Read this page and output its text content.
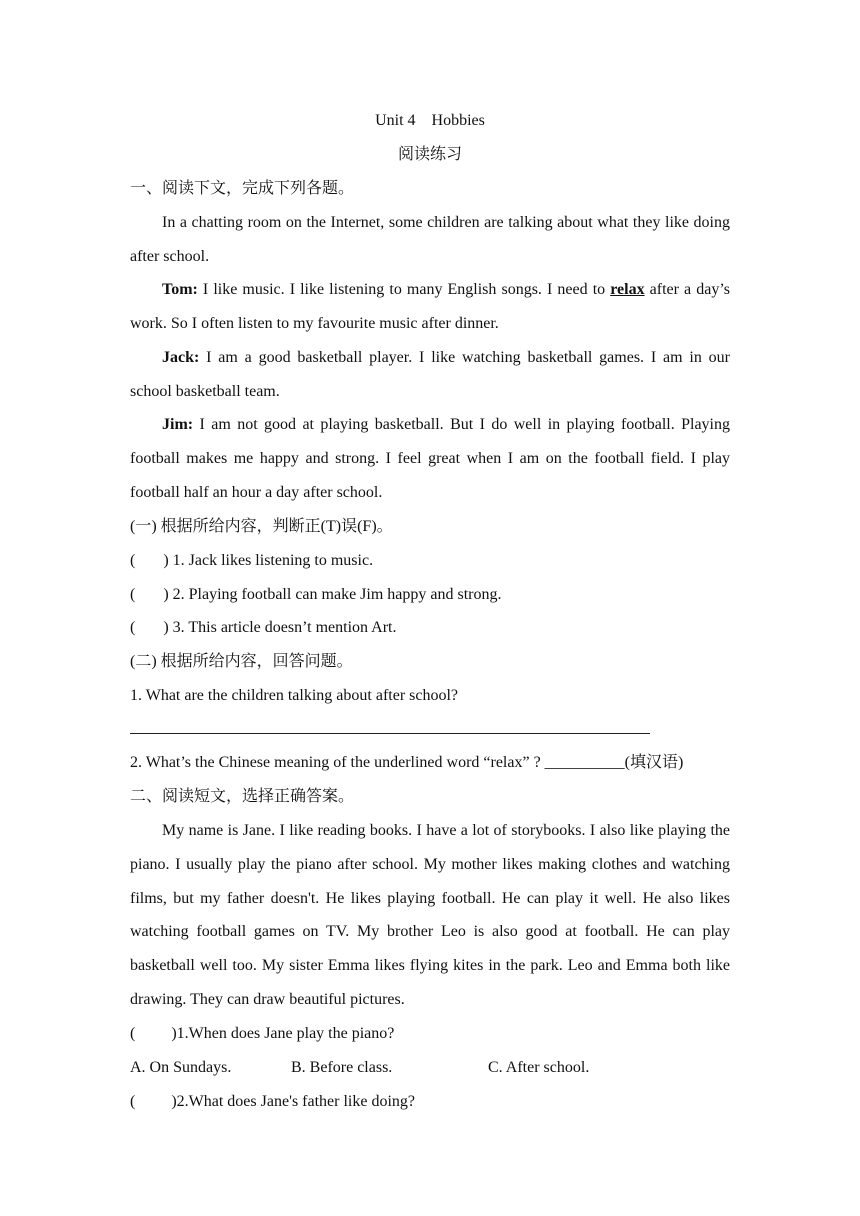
Unit 4　Hobbies
阅读练习
一、阅读下文，完成下列各题。
In a chatting room on the Internet, some children are talking about what they like doing after school.
Tom: I like music. I like listening to many English songs. I need to relax after a day’s work. So I often listen to my favourite music after dinner.
Jack: I am a good basketball player. I like watching basketball games. I am in our school basketball team.
Jim: I am not good at playing basketball. But I do well in playing football. Playing football makes me happy and strong. I feel great when I am on the football field. I play football half an hour a day after school.
(一) 根据所给内容，判断正(T)误(F)。
(       ) 1. Jack likes listening to music.
(       ) 2. Playing football can make Jim happy and strong.
(       ) 3. This article doesn’t mention Art.
(二) 根据所给内容，回答问题。
1. What are the children talking about after school?
2. What’s the Chinese meaning of the underlined word “relax” ? __________(填汉语)
二、阅读短文，选择正确答案。
My name is Jane. I like reading books. I have a lot of storybooks. I also like playing the piano. I usually play the piano after school. My mother likes making clothes and watching films, but my father doesn't. He likes playing football. He can play it well. He also likes watching football games on TV. My brother Leo is also good at football. He can play basketball well too. My sister Emma likes flying kites in the park. Leo and Emma both like drawing. They can draw beautiful pictures.
(         )1.When does Jane play the piano?
A. On Sundays.	B. Before class.	C. After school.
(         )2.What does Jane's father like doing?
